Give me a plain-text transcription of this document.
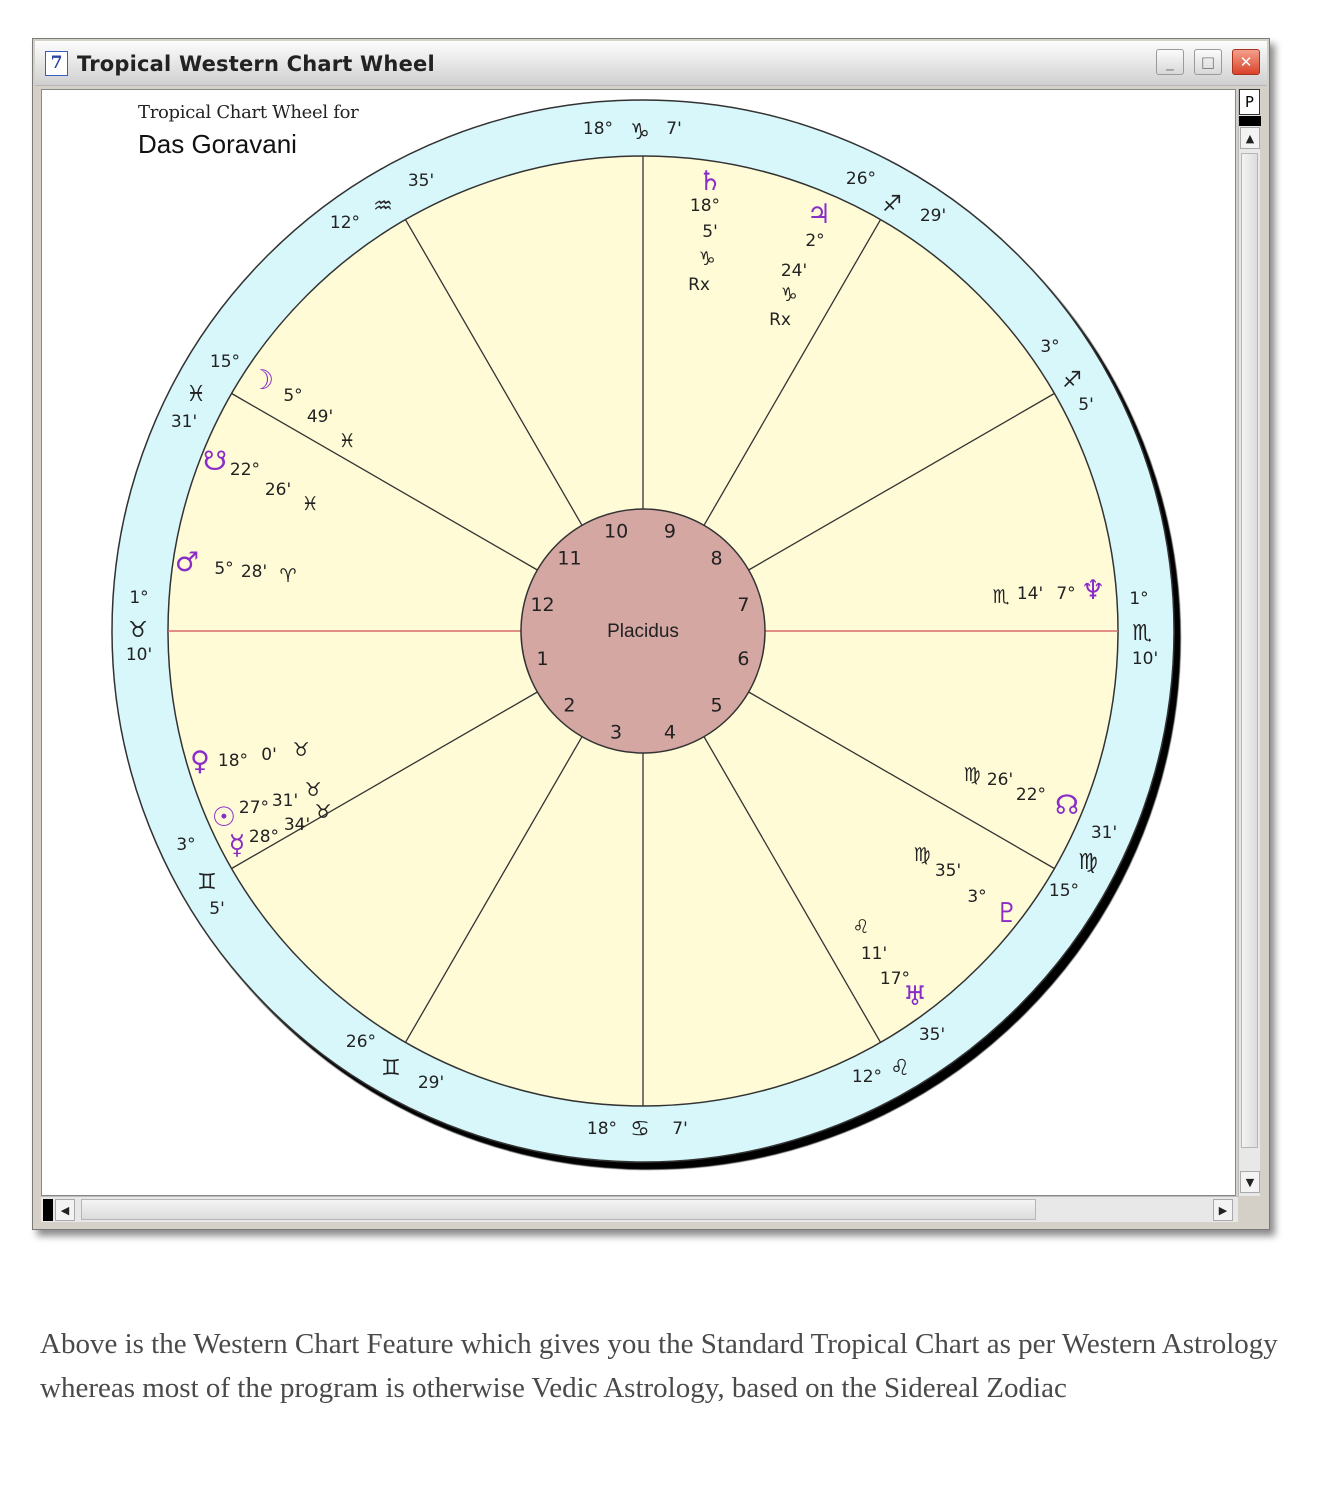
7 Tropical Western Chart Wheel	_	□	✕
1°
♉
10'
3°
♊
5'
26°
♊
29'
18° ♋ 7'
12° ♌
35'
15°
♍
31'
1°
♏
10'
3°
♐
5'
26°
♐ 29'
18° ♑ 7'
12°
♒
35'
15°
♓
31'
♄
18°
5'
♑
Rx
♃
2°
24'
♑
Rx
☽ 5°
49'
♓
☋ 22°
26'
♓
♂ 5° 28' ♈
♀ 18° 0' ♉
☉ 27° 31' ♉
☿ 28°
34'
♉
♆
♏ 14' 7°
☊
♍ 26'
22°
♇
♍
35'
3°
♅
♌
11'
17°
1
2
3 4
5
6
7
8
9
10
11
12
Placidus
Tropical Chart Wheel for
Das Goravani
P
▲
▼
◀	▶
Above is the Western Chart Feature which gives you the Standard Tropical Chart as per Western Astrology whereas most of the program is otherwise Vedic Astrology, based on the Sidereal Zodiac
